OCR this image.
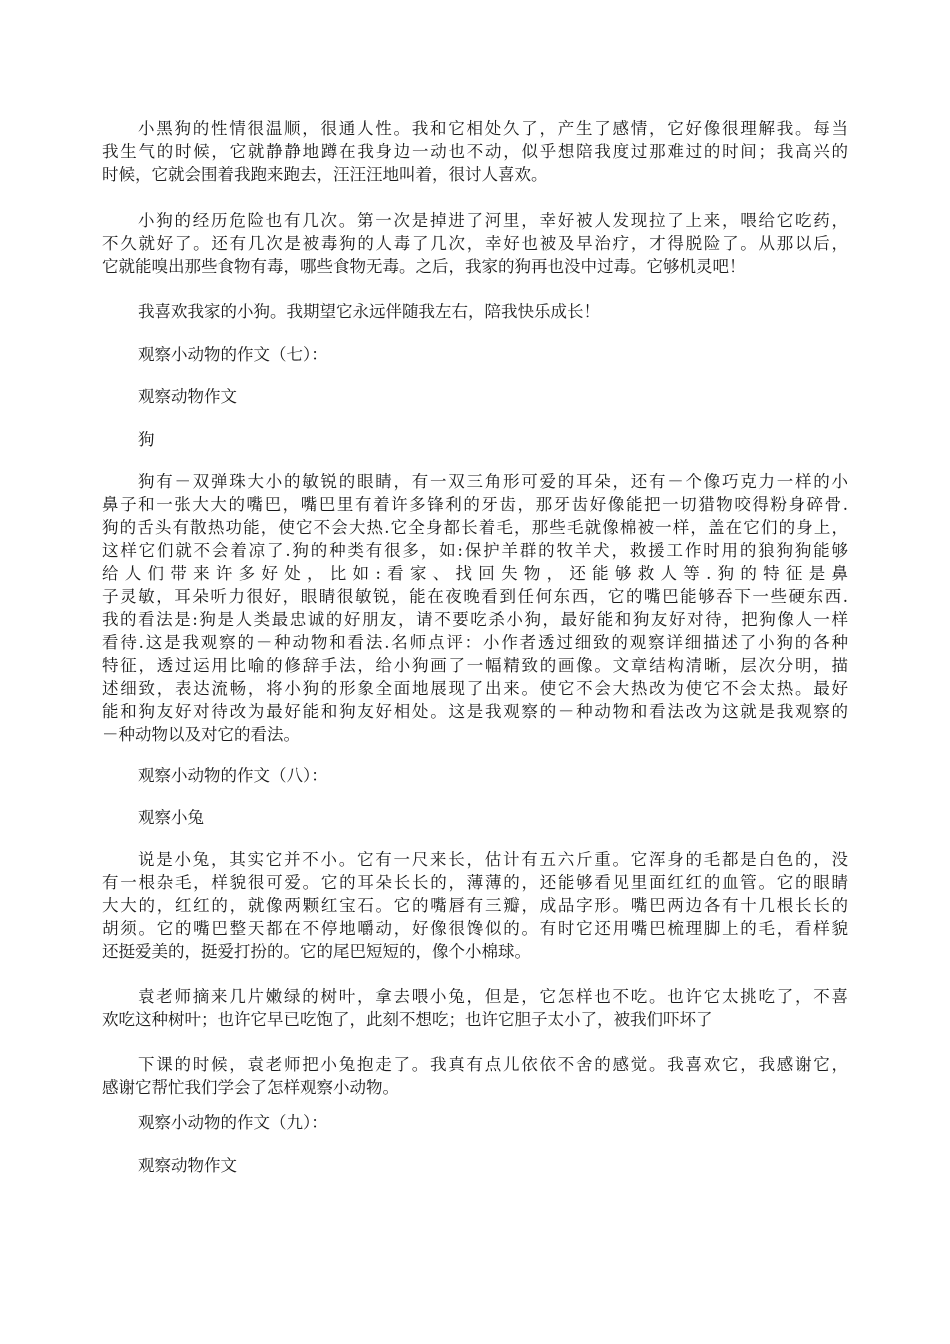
小黑狗的性情很温顺，很通人性。我和它相处久了，产生了感情，它好像很理解我。每当
我生气的时候，它就静静地蹲在我身边一动也不动，似乎想陪我度过那难过的时间；我高兴的
时候，它就会围着我跑来跑去，汪汪汪地叫着，很讨人喜欢。
小狗的经历危险也有几次。第一次是掉进了河里，幸好被人发现拉了上来，喂给它吃药，
不久就好了。还有几次是被毒狗的人毒了几次，幸好也被及早治疗，才得脱险了。从那以后，
它就能嗅出那些食物有毒，哪些食物无毒。之后，我家的狗再也没中过毒。它够机灵吧！
我喜欢我家的小狗。我期望它永远伴随我左右，陪我快乐成长！
观察小动物的作文（七）：
观察动物作文
狗
狗有－双弹珠大小的敏锐的眼睛，有一双三角形可爱的耳朵，还有－个像巧克力一样的小
鼻子和一张大大的嘴巴，嘴巴里有着许多锋利的牙齿，那牙齿好像能把一切猎物咬得粉身碎骨.
狗的舌头有散热功能，使它不会大热.它全身都长着毛，那些毛就像棉被一样，盖在它们的身上，
这样它们就不会着凉了.狗的种类有很多，如:保护羊群的牧羊犬，救援工作时用的狼狗狗能够
给人们带来许多好处，比如:看家、找回失物，还能够救人等.狗的特征是鼻
子灵敏，耳朵听力很好，眼睛很敏锐，能在夜晚看到任何东西，它的嘴巴能够吞下一些硬东西.
我的看法是:狗是人类最忠诚的好朋友，请不要吃杀小狗，最好能和狗友好对待，把狗像人一样
看待.这是我观察的－种动物和看法.名师点评：小作者透过细致的观察详细描述了小狗的各种
特征，透过运用比喻的修辞手法，给小狗画了一幅精致的画像。文章结构清晰，层次分明，描
述细致，表达流畅，将小狗的形象全面地展现了出来。使它不会大热改为使它不会太热。最好
能和狗友好对待改为最好能和狗友好相处。这是我观察的－种动物和看法改为这就是我观察的
－种动物以及对它的看法。
观察小动物的作文（八）：
观察小兔
说是小兔，其实它并不小。它有一尺来长，估计有五六斤重。它浑身的毛都是白色的，没
有一根杂毛，样貌很可爱。它的耳朵长长的，薄薄的，还能够看见里面红红的血管。它的眼睛
大大的，红红的，就像两颗红宝石。它的嘴唇有三瓣，成品字形。嘴巴两边各有十几根长长的
胡须。它的嘴巴整天都在不停地嚼动，好像很馋似的。有时它还用嘴巴梳理脚上的毛，看样貌
还挺爱美的，挺爱打扮的。它的尾巴短短的，像个小棉球。
袁老师摘来几片嫩绿的树叶，拿去喂小兔，但是，它怎样也不吃。也许它太挑吃了，不喜
欢吃这种树叶；也许它早已吃饱了，此刻不想吃；也许它胆子太小了，被我们吓坏了
下课的时候，袁老师把小兔抱走了。我真有点儿依依不舍的感觉。我喜欢它，我感谢它，
感谢它帮忙我们学会了怎样观察小动物。
观察小动物的作文（九）：
观察动物作文
